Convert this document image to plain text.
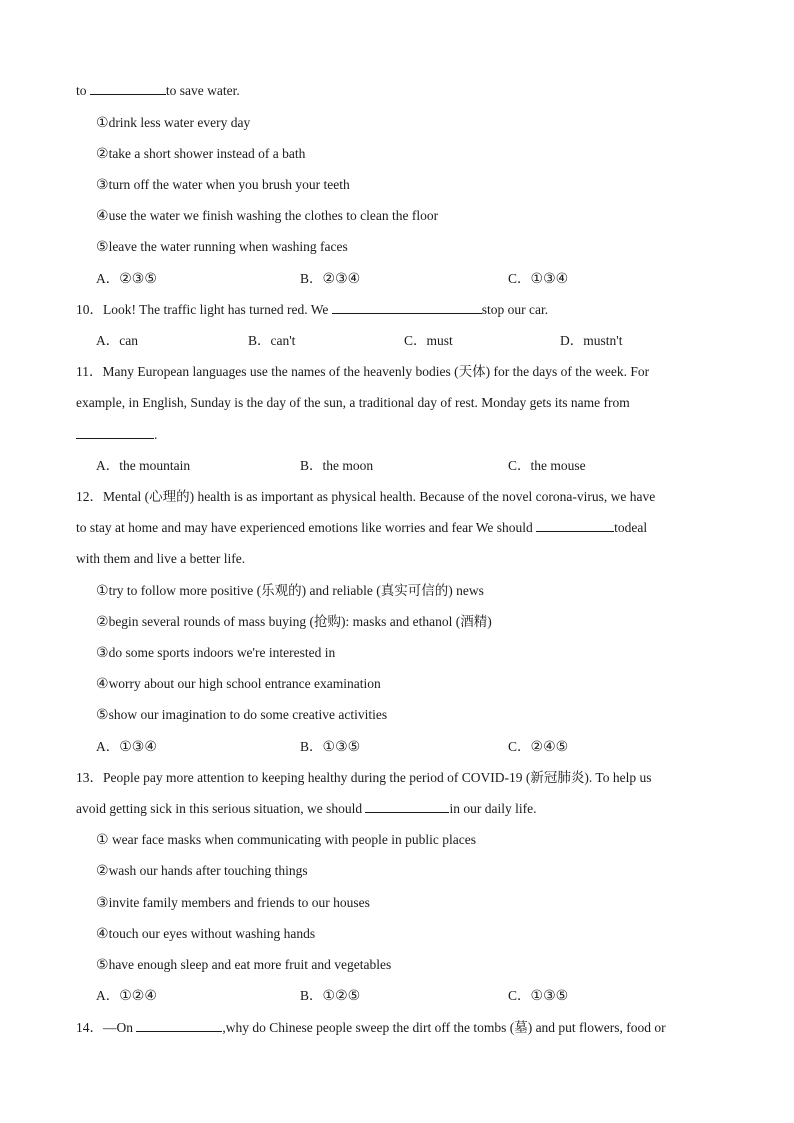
to	to save water.
①drink less water every day
②take a short shower instead of a bath
③turn off the water when you brush your teeth
④use the water we finish washing the clothes to clean the floor
⑤leave the water running when washing faces
A．②③⑤	B．②③④	C．①③④
10．Look! The traffic light has turned red. We	stop our car.
A．can	B．can't	C．must	D．mustn't
11．Many European languages use the names of the heavenly bodies (天体) for the days of the week. For
example, in English, Sunday is the day of the sun, a traditional day of rest. Monday gets its name from
.
A．the mountain	B．the moon	C．the mouse
12．Mental (心理的) health is as important as physical health. Because of the novel corona-virus, we have
to stay at home and may have experienced emotions like worries and fear We should	todeal
with them and live a better life.
①try to follow more positive (乐观的) and reliable (真实可信的) news
②begin several rounds of mass buying (抢购): masks and ethanol (酒精)
③do some sports indoors we're interested in
④worry about our high school entrance examination
⑤show our imagination to do some creative activities
A．①③④	B．①③⑤	C．②④⑤
13．People pay more attention to keeping healthy during the period of COVID-19 (新冠肺炎). To help us
avoid getting sick in this serious situation, we should	in our daily life.
① wear face masks when communicating with people in public places
②wash our hands after touching things
③invite family members and friends to our houses
④touch our eyes without washing hands
⑤have enough sleep and eat more fruit and vegetables
A．①②④	B．①②⑤	C．①③⑤
14．—On	,why do Chinese people sweep the dirt off the tombs (墓) and put flowers, food or
